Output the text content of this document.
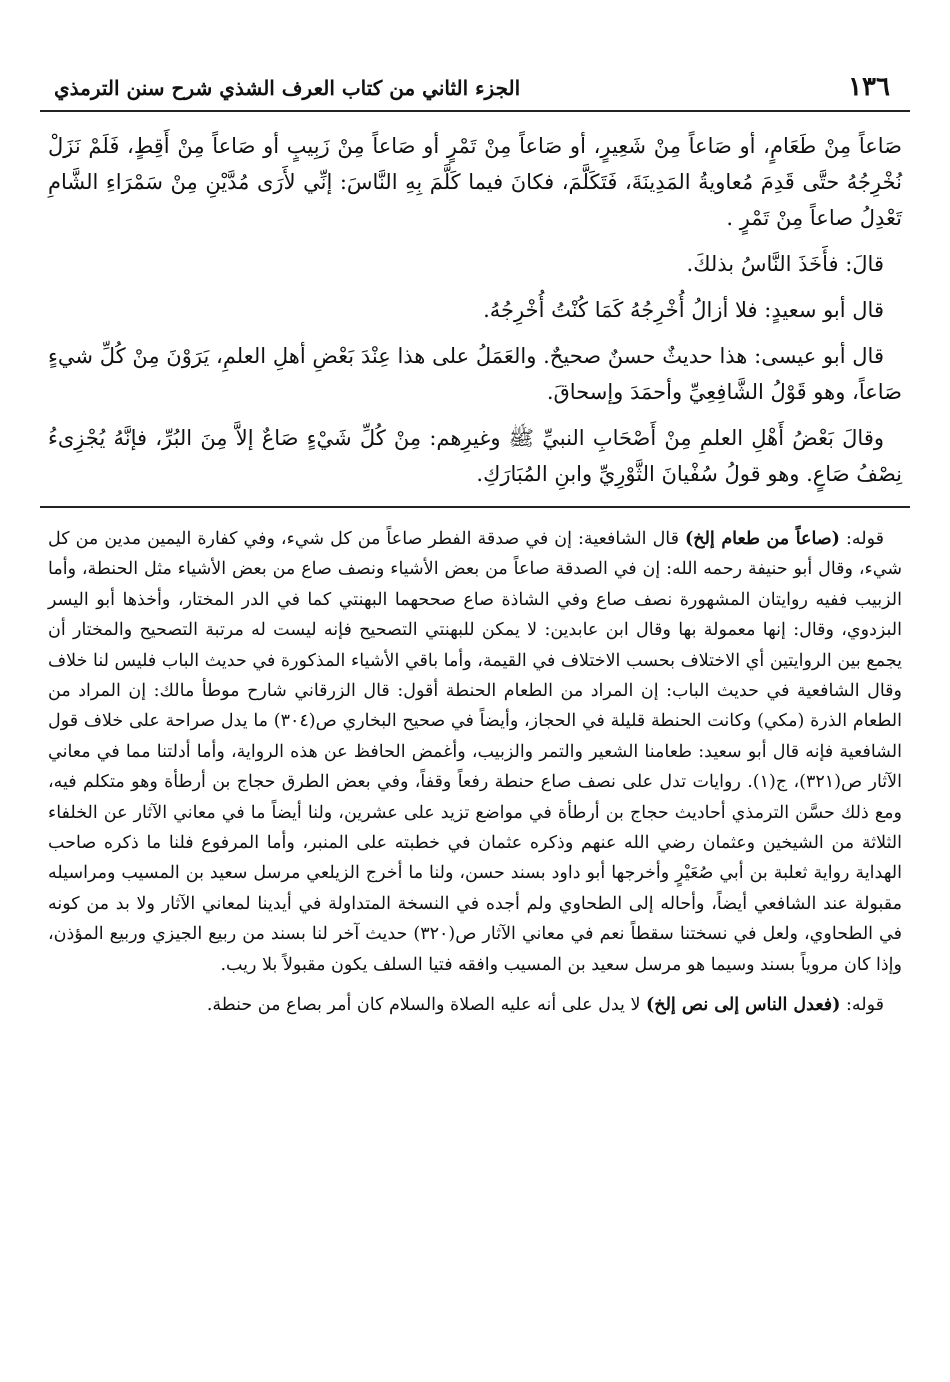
١٣٦
الجزء الثاني من كتاب العرف الشذي شرح سنن الترمذي

صَاعاً مِنْ طَعَامٍ، أو صَاعاً مِنْ شَعِيرٍ، أو صَاعاً مِنْ تَمْرٍ أو صَاعاً مِنْ زَبِيبٍ أو صَاعاً مِنْ أَقِطٍ، فَلَمْ نَزَلْ نُخْرِجُهُ حتَّى قَدِمَ مُعاويةُ المَدِينَةَ، فَتَكَلَّمَ، فكانَ فيما كَلَّمَ بِهِ النَّاسَ: إنِّي لأَرَى مُدَّيْنِ مِنْ سَمْرَاءِ الشَّامِ تَعْدِلُ صاعاً مِنْ تَمْرٍ .

قالَ: فأَخَذَ النَّاسُ بذلكَ.

قال أبو سعيدٍ: فلا أزالُ أُخْرِجُهُ كَمَا كُنْتُ أُخْرِجُهُ.

قال أبو عيسى: هذا حديثٌ حسنٌ صحيحٌ. والعَمَلُ على هذا عِنْدَ بَعْضِ أهلِ العلمِ، يَرَوْنَ مِنْ كُلِّ شيءٍ صَاعاً، وهو قَوْلُ الشَّافِعِيِّ وأحمَدَ وإسحاقَ.

وقالَ بَعْضُ أَهْلِ العلمِ مِنْ أَصْحَابِ النبيِّ ﷺ وغيرِهم: مِنْ كُلِّ شَيْءٍ صَاعٌ إلاَّ مِنَ البُرِّ، فإنَّهُ يُجْزِىءُ نِصْفُ صَاعٍ. وهو قولُ سُفْيانَ الثَّوْرِيِّ وابنِ المُبَارَكِ.

قوله: (صاعاً من طعام إلخ) قال الشافعية: إن في صدقة الفطر صاعاً من كل شيء، وفي كفارة اليمين مدين من كل شيء، وقال أبو حنيفة رحمه الله: إن في الصدقة صاعاً من بعض الأشياء ونصف صاع من بعض الأشياء مثل الحنطة، وأما الزبيب ففيه روايتان المشهورة نصف صاع وفي الشاذة صاع صححهما البهنتي كما في الدر المختار، وأخذها أبو اليسر البزدوي، وقال: إنها معمولة بها وقال ابن عابدين: لا يمكن للبهنتي التصحيح فإنه ليست له مرتبة التصحيح والمختار أن يجمع بين الروايتين أي الاختلاف بحسب الاختلاف في القيمة، وأما باقي الأشياء المذكورة في حديث الباب فليس لنا خلاف وقال الشافعية في حديث الباب: إن المراد من الطعام الحنطة أقول: قال الزرقاني شارح موطأ مالك: إن المراد من الطعام الذرة (مكي) وكانت الحنطة قليلة في الحجاز، وأيضاً في صحيح البخاري ص(٣٠٤) ما يدل صراحة على خلاف قول الشافعية فإنه قال أبو سعيد: طعامنا الشعير والتمر والزبيب، وأغمض الحافظ عن هذه الرواية، وأما أدلتنا مما في معاني الآثار ص(٣٢١)، ج(١). روايات تدل على نصف صاع حنطة رفعاً وقفاً، وفي بعض الطرق حجاج بن أرطأة وهو متكلم فيه، ومع ذلك حسَّن الترمذي أحاديث حجاج بن أرطأة في مواضع تزيد على عشرين، ولنا أيضاً ما في معاني الآثار عن الخلفاء الثلاثة من الشيخين وعثمان رضي الله عنهم وذكره عثمان في خطبته على المنبر، وأما المرفوع فلنا ما ذكره صاحب الهداية رواية ثعلبة بن أبي صُعَيْرٍ وأخرجها أبو داود بسند حسن، ولنا ما أخرج الزيلعي مرسل سعيد بن المسيب ومراسيله مقبولة عند الشافعي أيضاً، وأحاله إلى الطحاوي ولم أجده في النسخة المتداولة في أيدينا لمعاني الآثار ولا بد من كونه في الطحاوي، ولعل في نسختنا سقطاً نعم في معاني الآثار ص(٣٢٠) حديث آخر لنا بسند من ربيع الجيزي وربيع المؤذن، وإذا كان مروياً بسند وسيما هو مرسل سعيد بن المسيب وافقه فتيا السلف يكون مقبولاً بلا ريب.

قوله: (فعدل الناس إلى نص إلخ) لا يدل على أنه عليه الصلاة والسلام كان أمر بصاع من حنطة.
